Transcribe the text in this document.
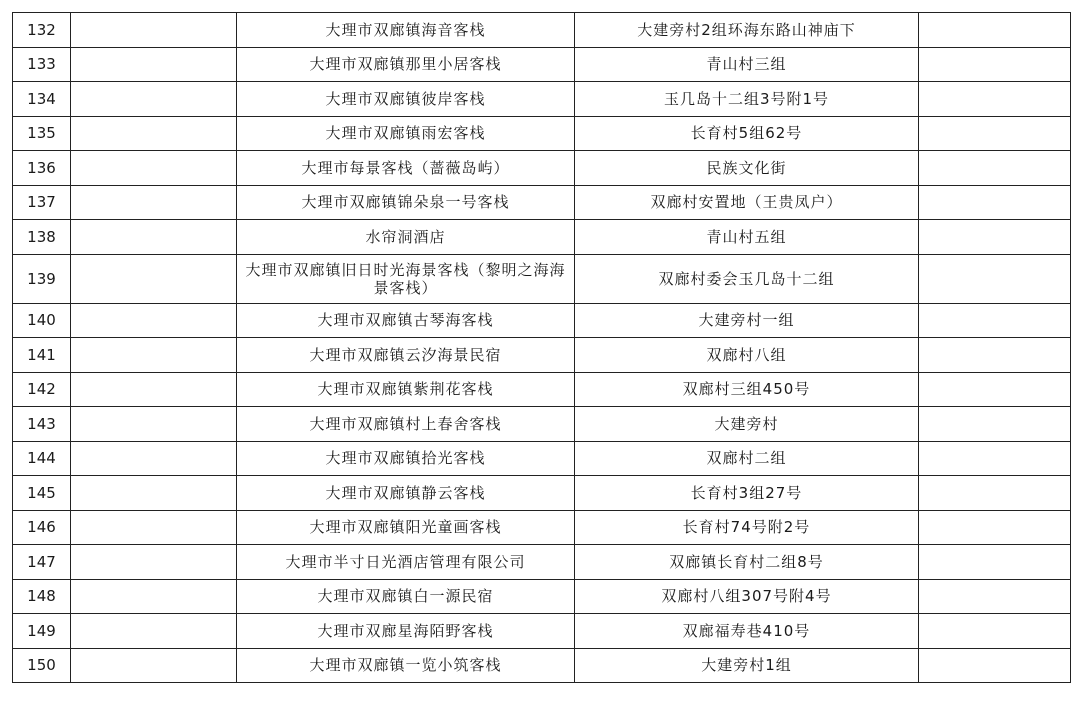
132		大理市双廊镇海音客栈	大建旁村2组环海东路山神庙下	
133		大理市双廊镇那里小居客栈	青山村三组	
134		大理市双廊镇彼岸客栈	玉几岛十二组3号附1号	
135		大理市双廊镇雨宏客栈	长育村5组62号	
136		大理市每景客栈（蔷薇岛屿）	民族文化街	
137		大理市双廊镇锦朵泉一号客栈	双廊村安置地（王贵凤户）	
138		水帘洞酒店	青山村五组	
139		大理市双廊镇旧日时光海景客栈（黎明之海海景客栈）	双廊村委会玉几岛十二组	
140		大理市双廊镇古琴海客栈	大建旁村一组	
141		大理市双廊镇云汐海景民宿	双廊村八组	
142		大理市双廊镇紫荆花客栈	双廊村三组450号	
143		大理市双廊镇村上春舍客栈	大建旁村	
144		大理市双廊镇拾光客栈	双廊村二组	
145		大理市双廊镇静云客栈	长育村3组27号	
146		大理市双廊镇阳光童画客栈	长育村74号附2号	
147		大理市半寸日光酒店管理有限公司	双廊镇长育村二组8号	
148		大理市双廊镇白一源民宿	双廊村八组307号附4号	
149		大理市双廊星海陌野客栈	双廊福寿巷410号	
150		大理市双廊镇一览小筑客栈	大建旁村1组	
